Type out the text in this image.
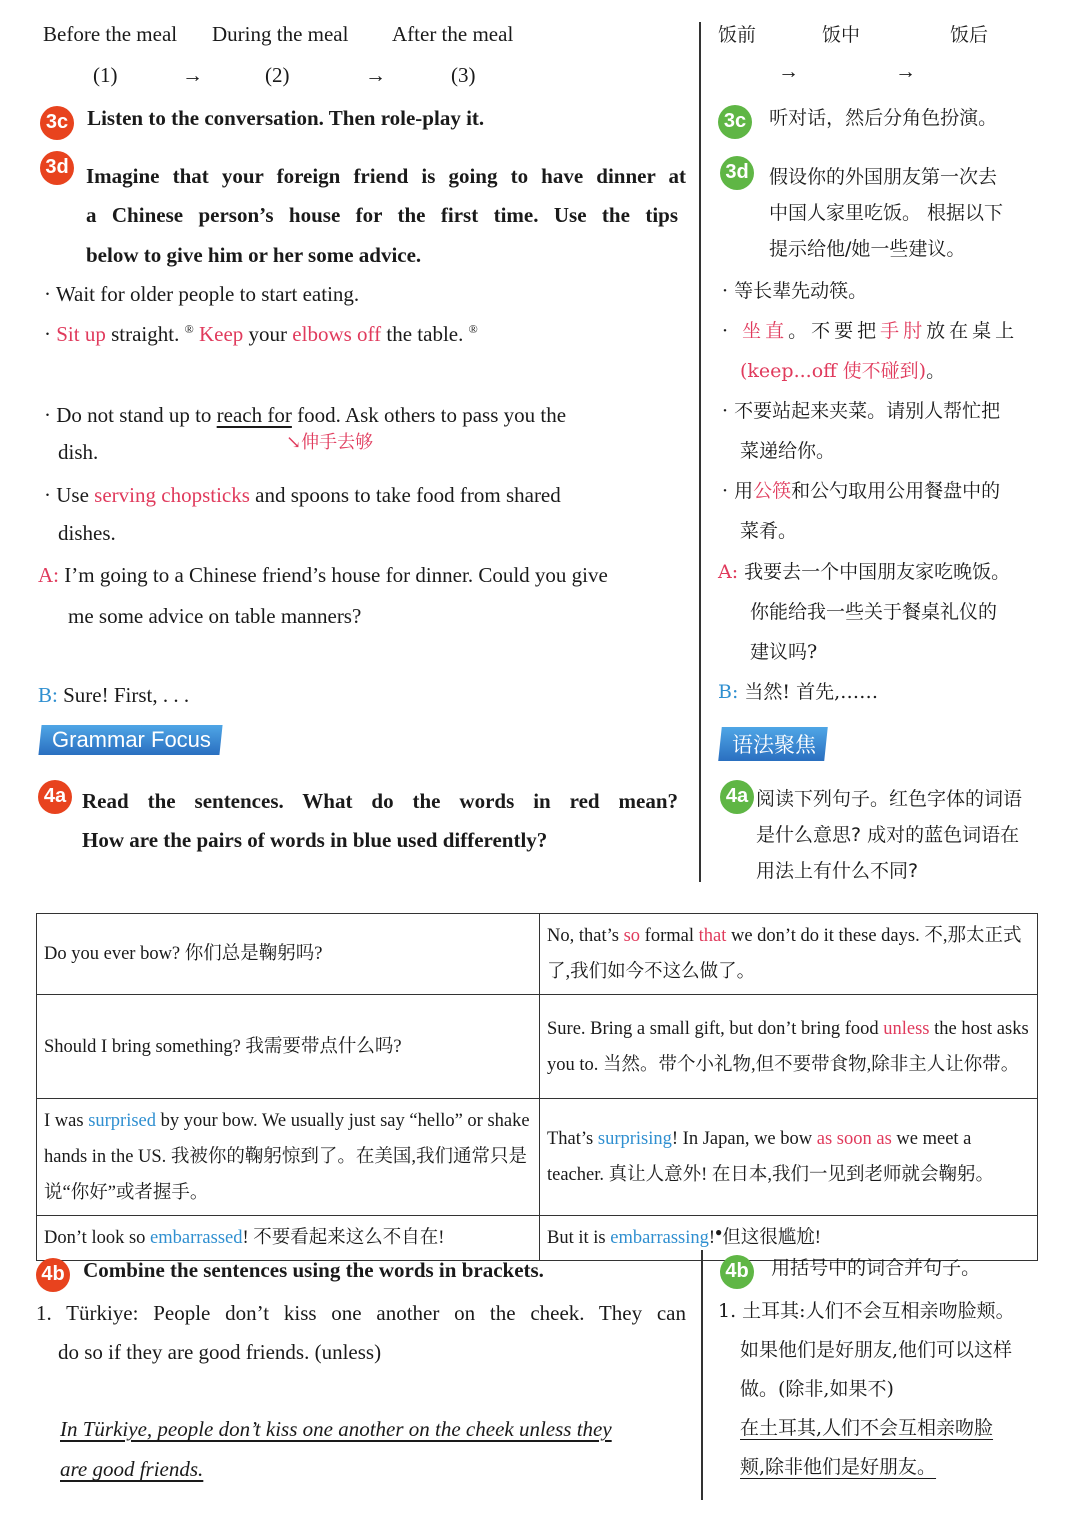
Before the meal During the meal After the meal
(1)	→	(2)	→	(3)
饭前	饭中	饭后
→	→
3c Listen to the conversation. Then role-play it.	3c 听对话，然后分角色扮演。
3d Imagine that your foreign friend is going to have dinner at
a Chinese person’s house for the first time. Use the tips
below to give him or her some advice.
3d 假设你的外国朋友第一次去
中国人家里吃饭。 根据以下
提示给他/她一些建议。
· Wait for older people to start eating.
· Sit up straight. ® Keep your elbows off the table. ®
· Do not stand up to reach for food. Ask others to pass you the
dish.	↘伸手去够
· Use serving chopsticks and spoons to take food from shared
dishes.
· 等长辈先动筷。
· 坐直。不要把手肘放在桌上
(keep...off 使不碰到)。
· 不要站起来夹菜。请别人帮忙把
菜递给你。
· 用公筷和公勺取用公用餐盘中的
菜肴。
A: I’m going to a Chinese friend’s house for dinner. Could you give
me some advice on table manners?
B: Sure! First, . . .
A: 我要去一个中国朋友家吃晚饭。
你能给我一些关于餐桌礼仪的
建议吗?
B: 当然! 首先,……
Grammar Focus	语法聚焦
4a Read the sentences. What do the words in red mean?
How are the pairs of words in blue used differently?
4a 阅读下列句子。红色字体的词语
是什么意思? 成对的蓝色词语在
用法上有什么不同?
Do you ever bow? 你们总是鞠躬吗?	No, that’s so formal that we don’t do it these days. 不,那太正式了,我们如今不这么做了。
Should I bring something? 我需要带点什么吗?	Sure. Bring a small gift, but don’t bring food unless the host asks you to. 当然。带个小礼物,但不要带食物,除非主人让你带。
I was surprised by your bow. We usually just say “hello” or shake hands in the US. 我被你的鞠躬惊到了。在美国,我们通常只是说“你好”或者握手。	That’s surprising! In Japan, we bow as soon as we meet a teacher. 真让人意外! 在日本,我们一见到老师就会鞠躬。
Don’t look so embarrassed! 不要看起来这么不自在!	But it is embarrassing!●但这很尴尬!
4b Combine the sentences using the words in brackets.	4b 用括号中的词合并句子。
1. Türkiye: People don’t kiss one another on the cheek. They can
do so if they are good friends. (unless)
In Türkiye, people don’t kiss one another on the cheek unless they
are good friends.
1. 土耳其:人们不会互相亲吻脸颊。
如果他们是好朋友,他们可以这样
做。(除非,如果不)
在土耳其,人们不会互相亲吻脸
颊,除非他们是好朋友。
